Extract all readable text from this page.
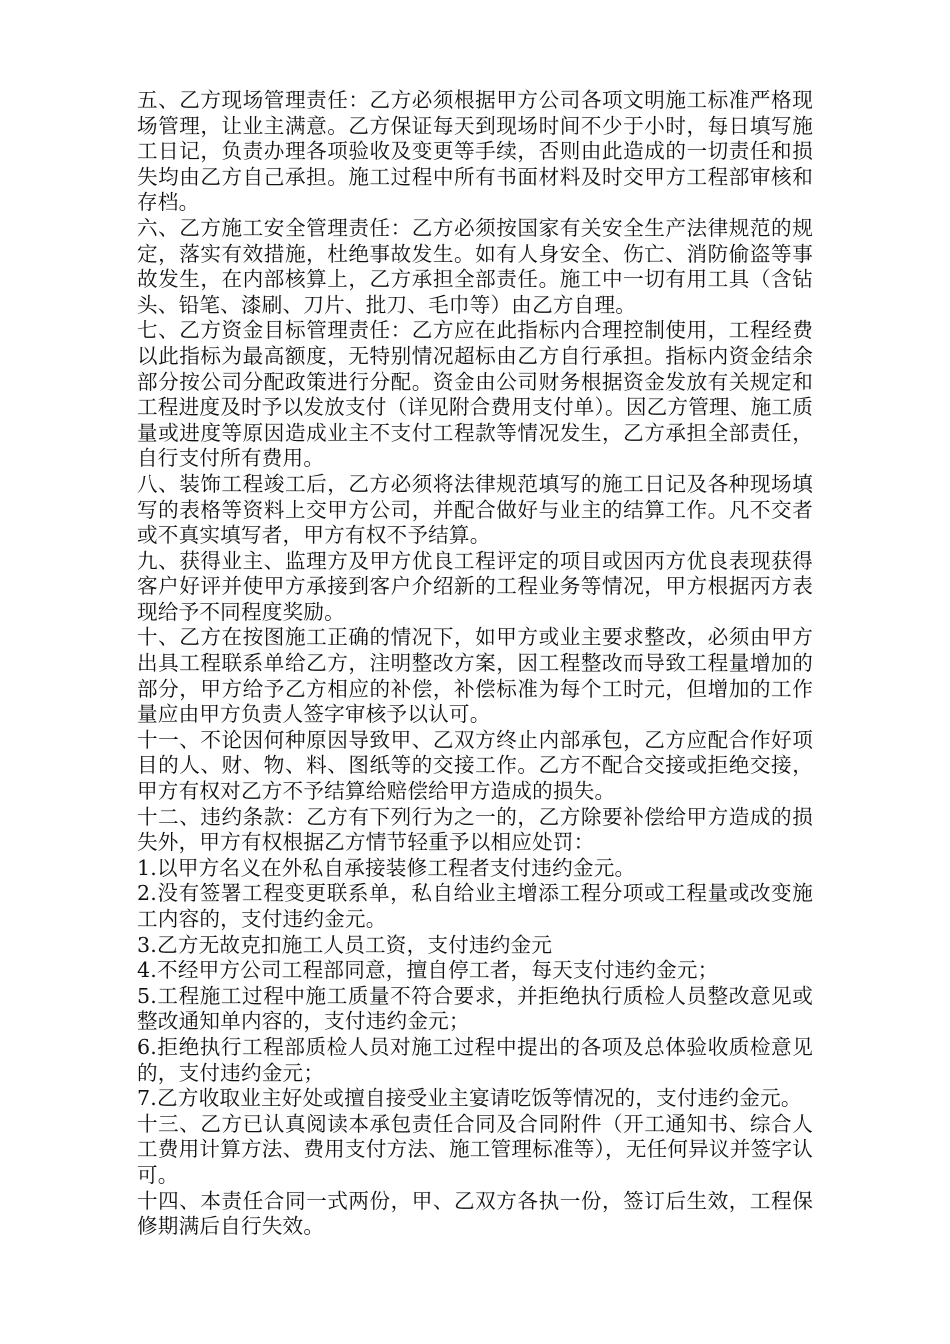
五、乙方现场管理责任：乙方必须根据甲方公司各项文明施工标准严格现场管理，让业主满意。乙方保证每天到现场时间不少于小时，每日填写施工日记，负责办理各项验收及变更等手续，否则由此造成的一切责任和损失均由乙方自己承担。施工过程中所有书面材料及时交甲方工程部审核和存档。

六、乙方施工安全管理责任：乙方必须按国家有关安全生产法律规范的规定，落实有效措施，杜绝事故发生。如有人身安全、伤亡、消防偷盗等事故发生，在内部核算上，乙方承担全部责任。施工中一切有用工具（含钻头、铅笔、漆刷、刀片、批刀、毛巾等）由乙方自理。

七、乙方资金目标管理责任：乙方应在此指标内合理控制使用，工程经费以此指标为最高额度，无特别情况超标由乙方自行承担。指标内资金结余部分按公司分配政策进行分配。资金由公司财务根据资金发放有关规定和工程进度及时予以发放支付（详见附合费用支付单）。因乙方管理、施工质量或进度等原因造成业主不支付工程款等情况发生，乙方承担全部责任，自行支付所有费用。

八、装饰工程竣工后，乙方必须将法律规范填写的施工日记及各种现场填写的表格等资料上交甲方公司，并配合做好与业主的结算工作。凡不交者或不真实填写者，甲方有权不予结算。

九、获得业主、监理方及甲方优良工程评定的项目或因丙方优良表现获得客户好评并使甲方承接到客户介绍新的工程业务等情况，甲方根据丙方表现给予不同程度奖励。

十、乙方在按图施工正确的情况下，如甲方或业主要求整改，必须由甲方出具工程联系单给乙方，注明整改方案，因工程整改而导致工程量增加的部分，甲方给予乙方相应的补偿，补偿标准为每个工时元，但增加的工作量应由甲方负责人签字审核予以认可。

十一、不论因何种原因导致甲、乙双方终止内部承包，乙方应配合作好项目的人、财、物、料、图纸等的交接工作。乙方不配合交接或拒绝交接，甲方有权对乙方不予结算给赔偿给甲方造成的损失。

十二、违约条款：乙方有下列行为之一的，乙方除要补偿给甲方造成的损失外，甲方有权根据乙方情节轻重予以相应处罚：

1.以甲方名义在外私自承接装修工程者支付违约金元。

2.没有签署工程变更联系单，私自给业主增添工程分项或工程量或改变施工内容的，支付违约金元。

3.乙方无故克扣施工人员工资，支付违约金元

4.不经甲方公司工程部同意，擅自停工者，每天支付违约金元；

5.工程施工过程中施工质量不符合要求，并拒绝执行质检人员整改意见或整改通知单内容的，支付违约金元；

6.拒绝执行工程部质检人员对施工过程中提出的各项及总体验收质检意见的，支付违约金元；

7.乙方收取业主好处或擅自接受业主宴请吃饭等情况的，支付违约金元。

十三、乙方已认真阅读本承包责任合同及合同附件（开工通知书、综合人工费用计算方法、费用支付方法、施工管理标准等），无任何异议并签字认可。

十四、本责任合同一式两份，甲、乙双方各执一份，签订后生效，工程保修期满后自行失效。
